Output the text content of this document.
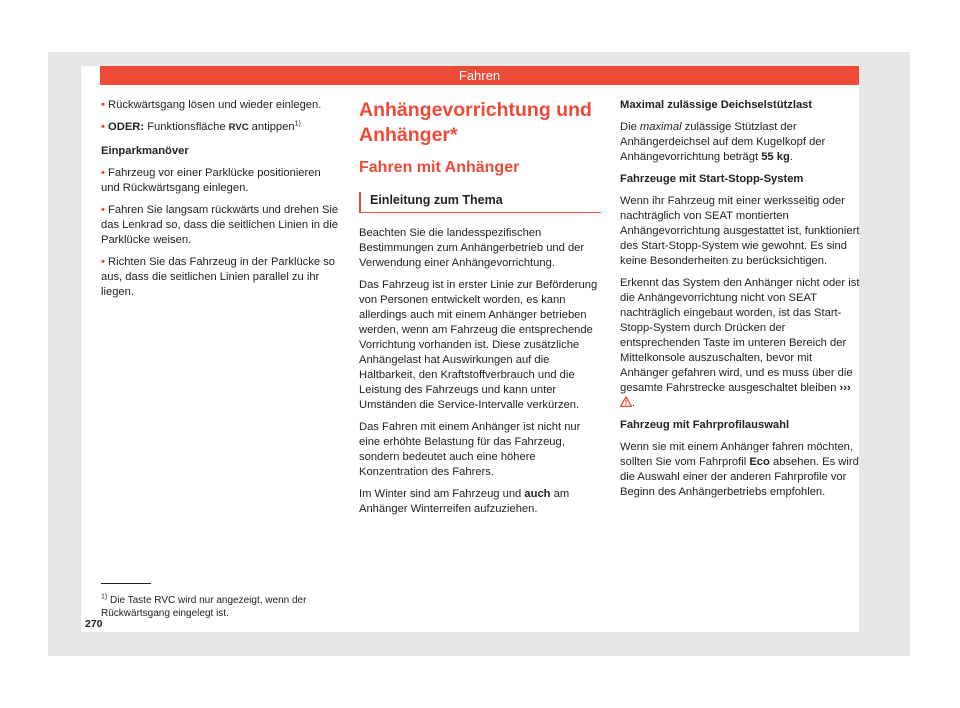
Fahren

• Rückwärtsgang lösen und wieder einlegen.

• ODER: Funktionsfläche RVC antippen$^{1)}$

Einparkmanöver

• Fahrzeug vor einer Parklücke positionieren und Rückwärtsgang einlegen.

• Fahren Sie langsam rückwärts und drehen Sie das Lenkrad so, dass die seitlichen Linien in die Parklücke weisen.

• Richten Sie das Fahrzeug in der Parklücke so aus, dass die seitlichen Linien parallel zu ihr liegen.

Anhängevorrichtung und Anhänger*
Fahren mit Anhänger
Einleitung zum Thema

Beachten Sie die landesspezifischen Bestimmungen zum Anhängerbetrieb und der Verwendung einer Anhängevorrichtung.

Das Fahrzeug ist in erster Linie zur Beförderung von Personen entwickelt worden, es kann allerdings auch mit einem Anhänger betrieben werden, wenn am Fahrzeug die entsprechende Vorrichtung vorhanden ist. Diese zusätzliche Anhängelast hat Auswirkungen auf die Haltbarkeit, den Kraftstoffverbrauch und die Leistung des Fahrzeugs und kann unter Umständen die Service-Intervalle verkürzen.

Das Fahren mit einem Anhänger ist nicht nur eine erhöhte Belastung für das Fahrzeug, sondern bedeutet auch eine höhere Konzentration des Fahrers.

Im Winter sind am Fahrzeug und auch am Anhänger Winterreifen aufzuziehen.

Maximal zulässige Deichselstützlast

Die maximal zulässige Stützlast der Anhängerdeichsel auf dem Kugelkopf der Anhängevorrichtung beträgt 55 kg.

Fahrzeuge mit Start-Stopp-System

Wenn ihr Fahrzeug mit einer werksseitig oder nachträglich von SEAT montierten Anhängevorrichtung ausgestattet ist, funktioniert des Start-Stopp-System wie gewohnt. Es sind keine Besonderheiten zu berücksichtigen.

Erkennt das System den Anhänger nicht oder ist die Anhängevorrichtung nicht von SEAT nachträglich eingebaut worden, ist das Start-Stopp-System durch Drücken der entsprechenden Taste im unteren Bereich der Mittelkonsole auszuschalten, bevor mit Anhänger gefahren wird, und es muss über die gesamte Fahrstrecke ausgeschaltet bleiben ››› .

Fahrzeug mit Fahrprofilauswahl

Wenn sie mit einem Anhänger fahren möchten, sollten Sie vom Fahrprofil Eco absehen. Es wird die Auswahl einer der anderen Fahrprofile vor Beginn des Anhängerbetriebs empfohlen.

$^{1)}$ Die Taste RVC wird nur angezeigt, wenn der Rückwärtsgang eingelegt ist.
270
